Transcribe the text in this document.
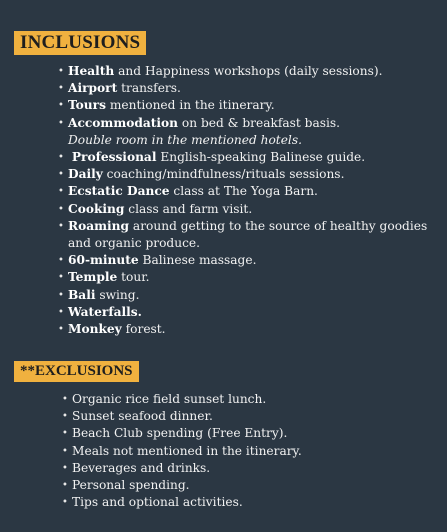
INCLUSIONS
• Health and Happiness workshops (daily sessions).
• Airport transfers.
• Tours mentioned in the itinerary.
• Accommodation on bed & breakfast basis.
Double room in the mentioned hotels.
• Professional English-speaking Balinese guide.
• Daily coaching/mindfulness/rituals sessions.
• Ecstatic Dance class at The Yoga Barn.
• Cooking class and farm visit.
• Roaming around getting to the source of healthy goodies and organic produce.
• 60-minute Balinese massage.
• Temple tour.
• Bali swing.
• Waterfalls.
• Monkey forest.
**EXCLUSIONS
• Organic rice field sunset lunch.
• Sunset seafood dinner.
• Beach Club spending (Free Entry).
• Meals not mentioned in the itinerary.
• Beverages and drinks.
• Personal spending.
• Tips and optional activities.
